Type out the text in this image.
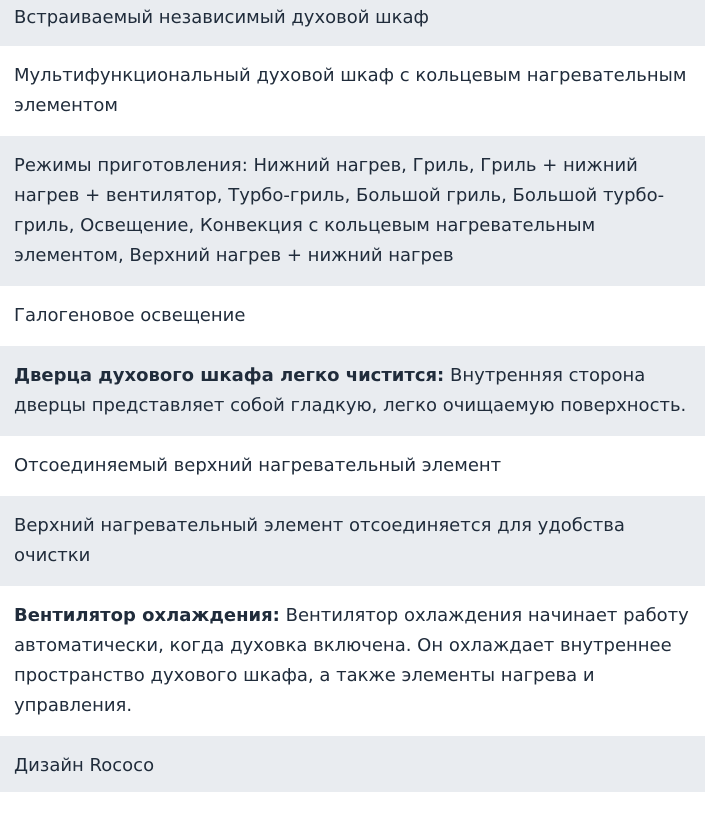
Встраиваемый независимый духовой шкаф
Мультифункциональный духовой шкаф с кольцевым нагревательным элементом
Режимы приготовления: Нижний нагрев, Гриль, Гриль + нижний нагрев + вентилятор, Турбо-гриль, Большой гриль, Большой турбо-гриль, Освещение, Конвекция с кольцевым нагревательным элементом, Верхний нагрев + нижний нагрев
Галогеновое освещение
Дверца духового шкафа легко чистится: Внутренняя сторона дверцы представляет собой гладкую, легко очищаемую поверхность.
Отсоединяемый верхний нагревательный элемент
Верхний нагревательный элемент отсоединяется для удобства очистки
Вентилятор охлаждения: Вентилятор охлаждения начинает работу автоматически, когда духовка включена. Он охлаждает внутреннее пространство духового шкафа, а также элементы нагрева и управления.
Дизайн Rococo
